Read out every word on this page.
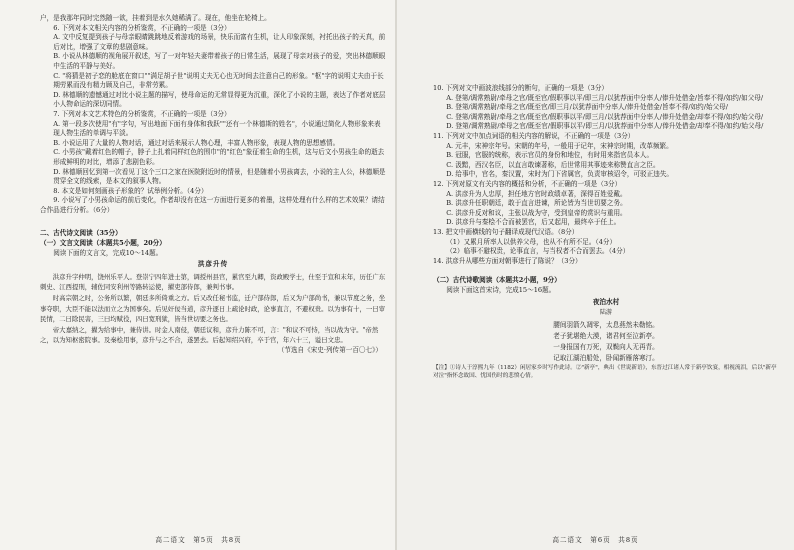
户，是我那年同时完然随一欲，挂着到是水久她稀满了。现在，他坐在轮椅上。

6. 下列对本文相关内容的分析鉴赏，不正确的一项是（3分）

A. 文中反复提到孩子与母亲眼睛跳跳地反着游戏的场景，快乐而富有生机，让人印象深刻，衬托出孩子的天真，前后对比，增强了文章的悲剧意味。

B. 小说从林德顺的视角展开叙述，写了一对年轻夫妻带着孩子的日常生活，展现了母亲对孩子的爱，突出林德顺眼中生活的平静与美好。

C. "将猜是初子恋的舱底在窗口""满足胡子世"说明丈夫无心也无时间去注意自己的形象。"枢"字的说明丈夫由于长期劳累而没有精力顾及自己，非常劳累。

D. 林德顺的遗憾通过对比小说主题的描写，使母命运的无常显得更为沉重，深化了小说的主题，表达了作者对底层小人物命运的深切同情。

7. 下列对本文艺术特色的分析鉴赏，不正确的一项是（3分）

A. 第一段多次使用"有"字句，写出地面下面有身体和我跃""还有一个林德斯的姓名"，小说通过简化人物形象来表现人物生活的单调与平淡。

B. 小说运用了大量的人物对话，通过对话来展示人物心理，丰富人物形象，表现人物的思想感情。

C. 小男孩"戴着红色的帽子，脖子上扎着同样红色的围巾"的"红色"象征着生命的生机，这与后文小男孩生命的逝去形成鲜明的对比，增添了悲剧色彩。

D. 林德顺回忆到第一次看见丁这个三口之家在医院附近时的情景，但是随着小男孩离去，小说的主人公，林德顺是贯穿全文的线索，是本文的叙事人物。

8. 本文是如何刻画孩子形象的？试举例分析。（4分）

9. 小说写了小男孩命运的前后变化，作者却没有在这一方面进行更多的着墨，这样处理有什么样的艺术效果？请结合作品进行分析。（6分）

二、古代诗文阅读（35分）

（一）文言文阅读（本题共5小题，20分）

阅读下面的文言文，完成10～14题。

洪彦升传

洪彦升字仲明，饶州乐平人。登崇宁四年进士第，调授州县官，累官至九卿，资政殿学士，仕至于宣和末年，历任广东刺史、江西提刑，辅佐同安利州等路转运使，擢吏部侍郎，兼判书事。

时高宗朝之时，公务所以繁，朝廷多所倚重之方。后又改任秘书监，迁户部侍郎，后又为户部尚书，兼以节度之务，坐事夺职，大臣不能以法而立之为国事矣。后见奸佞当道，彦升逐日上疏论时政，论事直言，不避权贵。以为事有十，一曰审民情，二曰除民害，三曰均赋役，四曰宽刑狱，皆当世切要之务也。

帝大嘉纳之，擢为给事中，兼侍讲。时金人南侵，朝廷议和，彦升力陈不可，言："和议不可恃，当以战为守。"帝然之，以为知枢密院事。及秦桧用事，彦升与之不合，遂罢去。后起知绍兴府，卒于官，年六十三，谥曰文忠。

（节选自《宋史·列传第一百〇七》）

高二语文　第5页　共8页

10. 下列对文中画波浪线部分的断句，正确的一项是（3分）

A. 登第/调常熟尉/牵母之官/既至官/假职事以平/即三月/以犹荐面中分率人/俸升处借金/旨奉不得/如约/如父母/

B. 登第/调常熟尉/牵母之官/既至官/即三月/以犹荐面中分率人/俸升处借金/旨奉不得/如约/始父母/

C. 登第/调常熟尉/牵母之官/既至官/假职事以平/即三月/以犹荐面中分率人/俸升处借金/却奉不得/如约/始父母/

D. 登第/调常熟尉/牵母之官/既至官/假职事以平/即三月/以犹荐面中分率人/俸升处借金/却奉不得/如约/始父母/

11. 下列对文中加点词语的相关内容的解说，不正确的一项是（3分）

A. 元丰，宋神宗年号。宋朝的年号，一般用于记年，宋神宗时期，改革频繁。

B. 冠服，官服的统称，表示官员的身份和地位，有时用来指官员本人。

C. 汲黯，西汉名臣，以直言敢谏著称，后世常用其事迹来称赞直言之臣。

D. 给事中，官名，秦汉置，宋时为门下省属官，负责审核诏令，可驳正违失。

12. 下列对原文有关内容的概括和分析，不正确的一项是（3分）

A. 洪彦升为人忠厚，担任地方官时政绩卓著，深得百姓爱戴。

B. 洪彦升任职朝廷，敢于直言进谏，所论皆为当世切要之务。

C. 洪彦升反对和议，主张以战为守，受到皇帝的赏识与重用。

D. 洪彦升与秦桧不合而被罢官，后又起用，最终卒于任上。

13. 把文中画横线的句子翻译成现代汉语。（8分）

（1）又累月所率人以供养父母，也从不有所不足。（4分）

（2）临事不避权贵，论事直言，与当权者不合而罢去。（4分）

14. 洪彦升从哪些方面对朝事进行了陈说？（3分）

（二）古代诗歌阅读（本题共2小题，9分）

阅读下面这首宋诗，完成15～16题。

夜泊水村

陆游

腰间羽箭久凋零，太息燕然未勒铭。

老子犹堪绝大漠，诸君何至泣新亭。

一身报国有万死，双鬓向人无再青。

记取江湖泊船处，卧闻新雁落寒汀。

【注】①诗人于淳熙九年（1182）闲居家乡时写作此诗。②"新亭"，典出《世说新语》，东晋过江诸人常于新亭饮宴，相视流泪，后以"新亭对泣"指怀念故国、忧国伤时的悲愤心情。

高二语文　第6页　共8页
